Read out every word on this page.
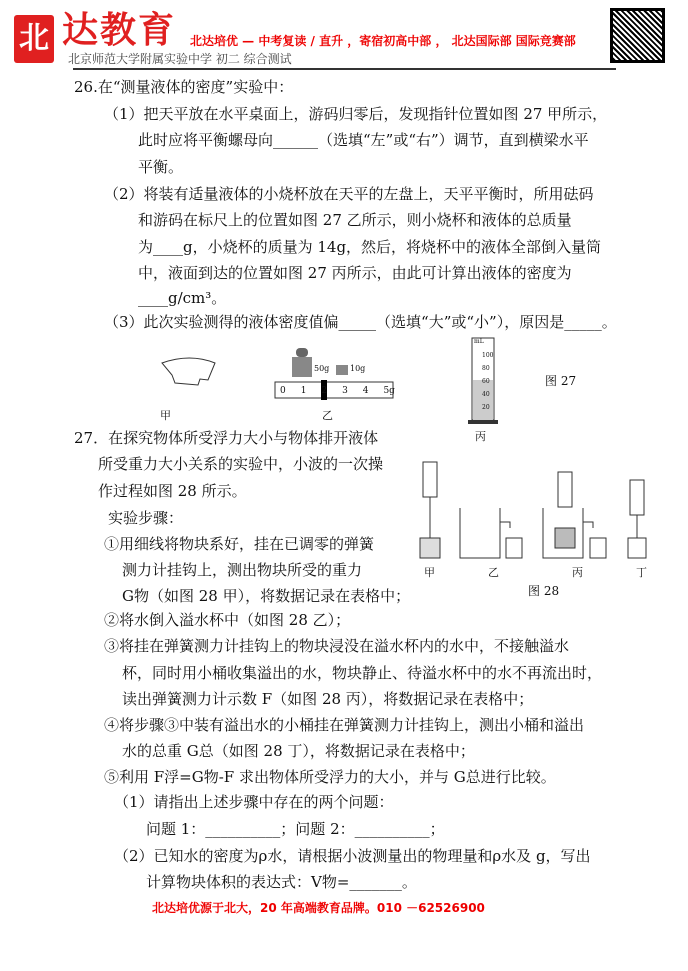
北 达教育
北京师范大学附属实验中学 初二 综合测试
北达培优 — 中考复读 / 直升 ，寄宿初高中部 ， 北达国际部 国际竞赛部
26.在“测量液体的密度”实验中：
（1）把天平放在水平桌面上，游码归零后，发现指针位置如图 27 甲所示，
此时应将平衡螺母向______（选填“左”或“右”）调节，直到横梁水平
平衡。
（2）将装有适量液体的小烧杯放在天平的左盘上，天平平衡时，所用砝码
和游码在标尺上的位置如图 27 乙所示，则小烧杯和液体的总质量
为____g，小烧杯的质量为 14g，然后，将烧杯中的液体全部倒入量筒
中，液面到达的位置如图 27 丙所示，由此可计算出液体的密度为
____g/cm³。
（3）此次实验测得的液体密度值偏_____（选填“大”或“小”），原因是_____。
50g	10g
0 1 2 3 4 5g
mL
100
80
60
40
20
图 27
甲	乙
丙
27．在探究物体所受浮力大小与物体排开液体
所受重力大小关系的实验中，小波的一次操
作过程如图 28 所示。
实验步骤：
①用细线将物块系好，挂在已调零的弹簧
测力计挂钩上，测出物块所受的重力
G物（如图 28 甲），将数据记录在表格中；
②将水倒入溢水杯中（如图 28 乙）；
③将挂在弹簧测力计挂钩上的物块浸没在溢水杯内的水中，不接触溢水
杯，同时用小桶收集溢出的水，物块静止、待溢水杯中的水不再流出时，
读出弹簧测力计示数 F（如图 28 丙），将数据记录在表格中；
④将步骤③中装有溢出水的小桶挂在弹簧测力计挂钩上，测出小桶和溢出
水的总重 G总（如图 28 丁），将数据记录在表格中；
⑤利用 F浮=G物-F 求出物体所受浮力的大小，并与 G总进行比较。
（1）请指出上述步骤中存在的两个问题：
问题 1：__________；问题 2：__________；
（2）已知水的密度为ρ水，请根据小波测量出的物理量和ρ水及 g，写出
计算物块体积的表达式：V物=_______。
甲	乙	丙	丁
图 28
北达培优源于北大，20 年高端教育品牌。010 －62526900
